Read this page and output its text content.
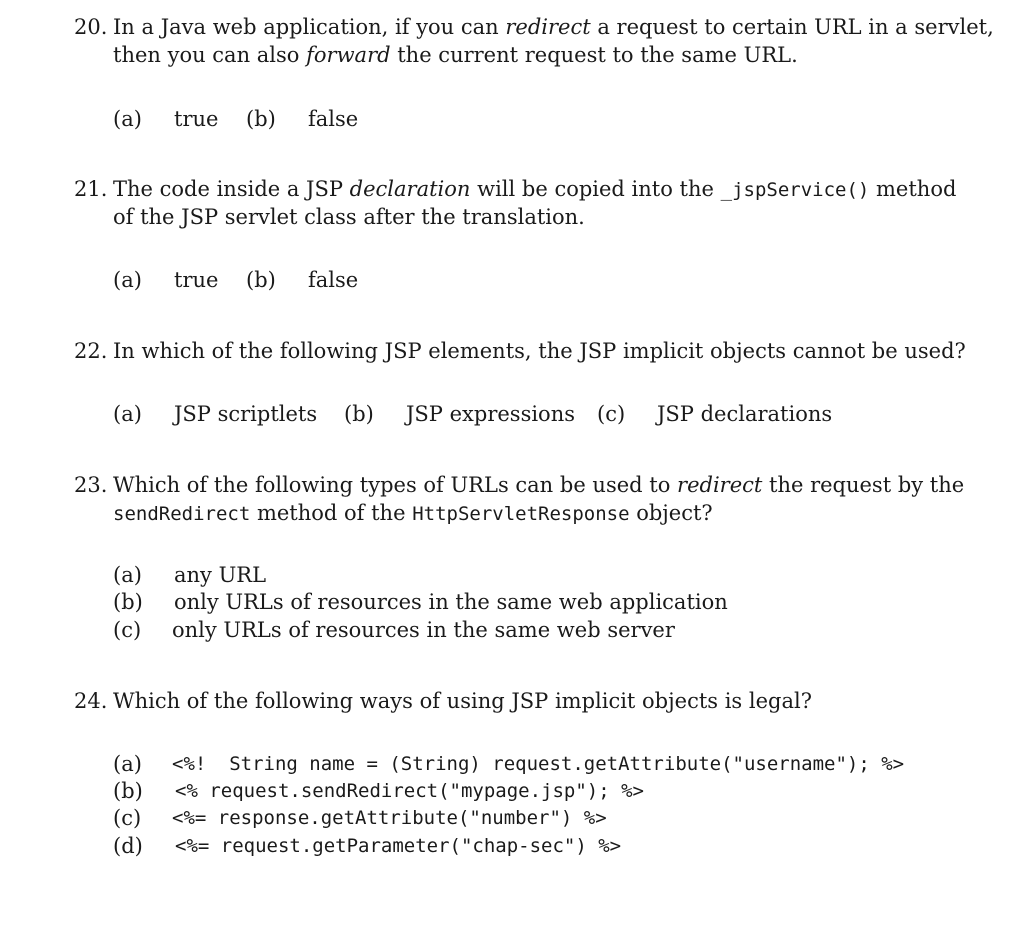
20. In a Java web application, if you can redirect a request to certain URL in a servlet,
then you can also forward the current request to the same URL.
(a) true (b) false
21. The code inside a JSP declaration will be copied into the _jspService() method
of the JSP servlet class after the translation.
(a) true (b) false
22. In which of the following JSP elements, the JSP implicit objects cannot be used?
(a) JSP scriptlets (b) JSP expressions (c) JSP declarations
23. Which of the following types of URLs can be used to redirect the request by the
sendRedirect method of the HttpServletResponse object?
(a) any URL
(b) only URLs of resources in the same web application
(c) only URLs of resources in the same web server
24. Which of the following ways of using JSP implicit objects is legal?
(a) <%!  String name = (String) request.getAttribute("username"); %>
(b) <% request.sendRedirect("mypage.jsp"); %>
(c) <%= response.getAttribute("number") %>
(d) <%= request.getParameter("chap-sec") %>
